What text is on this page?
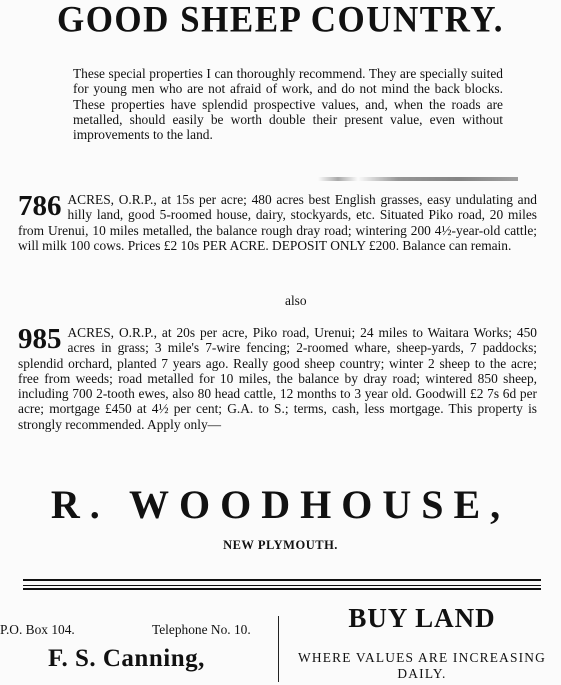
GOOD SHEEP COUNTRY.
These special properties I can thoroughly recommend. They are specially suited for young men who are not afraid of work, and do not mind the back blocks. These properties have splendid prospective values, and, when the roads are metalled, should easily be worth double their present value, even without improvements to the land.
786 ACRES, O.R.P., at 15s per acre; 480 acres best English grasses, easy undulating and hilly land, good 5-roomed house, dairy, stockyards, etc. Situated Piko road, 20 miles from Urenui, 10 miles metalled, the balance rough dray road; wintering 200 4½-year-old cattle; will milk 100 cows. Prices £2 10s PER ACRE. DEPOSIT ONLY £200. Balance can remain.
also
985 ACRES, O.R.P., at 20s per acre, Piko road, Urenui; 24 miles to Waitara Works; 450 acres in grass; 3 mile's 7-wire fencing; 2-roomed whare, sheep-yards, 7 paddocks; splendid orchard, planted 7 years ago. Really good sheep country; winter 2 sheep to the acre; free from weeds; road metalled for 10 miles, the balance by dray road; wintered 850 sheep, including 700 2-tooth ewes, also 80 head cattle, 12 months to 3 year old. Goodwill £2 7s 6d per acre; mortgage £450 at 4½ per cent; G.A. to S.; terms, cash, less mortgage. This property is strongly recommended. Apply only—
R. WOODHOUSE,
NEW PLYMOUTH.
P.O. Box 104.	Telephone No. 10.
F. S. Canning,
BUY LAND
WHERE VALUES ARE INCREASING DAILY.
